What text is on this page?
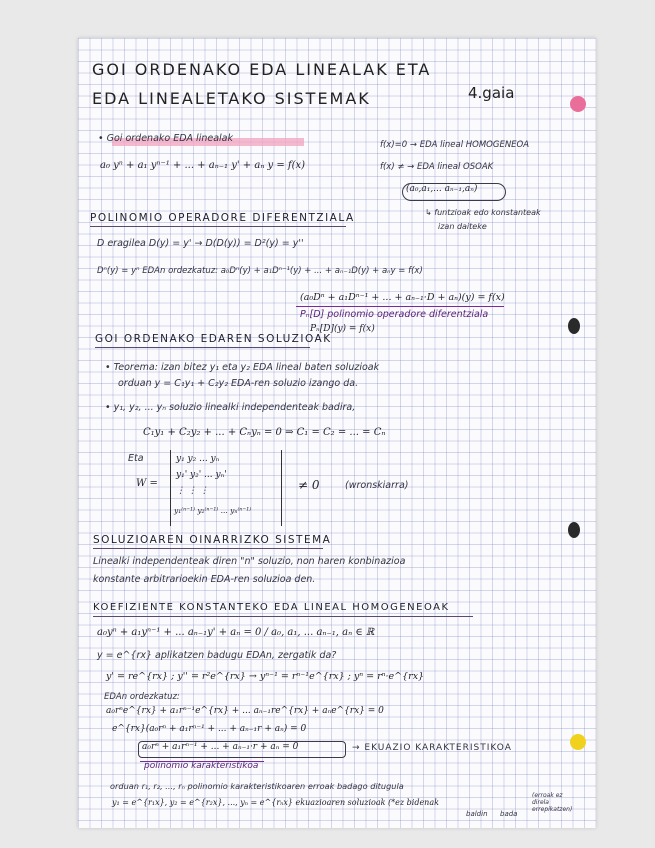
GOI ORDENAKO EDA LINEALAK ETA
EDA LINEALETAKO SISTEMAK	4.gaia
• Goi ordenako EDA linealak
a₀ yⁿ + a₁ yⁿ⁻¹ + ... + aₙ₋₁ y' + aₙ y = f(x)
f(x)=0 → EDA lineal HOMOGENEOA
f(x) ≠ → EDA lineal OSOAK
(a₀,a₁,... aₙ₋₁,aₙ)
↳ funtzioak edo konstanteak
izan daiteke
POLINOMIO OPERADORE DIFERENTZIALA
D eragilea D(y) = y' → D(D(y)) = D²(y) = y''
Dⁿ(y) = yⁿ EDAn ordezkatuz: a₀Dⁿ(y) + a₁Dⁿ⁻¹(y) + ... + aₙ₋₁D(y) + aₙy = f(x)
(a₀Dⁿ + a₁Dⁿ⁻¹ + ... + aₙ₋₁·D + aₙ)(y) = f(x)
Pₙ[D] polinomio operadore diferentziala
Pₙ[D](y) = f(x)
GOI ORDENAKO EDAREN SOLUZIOAK
• Teorema: izan bitez y₁ eta y₂ EDA lineal baten soluzioak
orduan y = C₁y₁ + C₂y₂ EDA-ren soluzio izango da.
• y₁, y₂, ... yₙ soluzio linealki independenteak badira,
C₁y₁ + C₂y₂ + ... + Cₙyₙ = 0 ⇒ C₁ = C₂ = ... = Cₙ
Eta
W =
y₁ y₂ ... yₙ
y₁' y₂' ... yₙ'
⋮ ⋮ ⋮
y₁⁽ⁿ⁻¹⁾ y₂⁽ⁿ⁻¹⁾ ... yₙ⁽ⁿ⁻¹⁾
≠ 0	(wronskiarra)
SOLUZIOAREN OINARRIZKO SISTEMA
Linealki independenteak diren "n" soluzio, non haren konbinazioa
konstante arbitrarioekin EDA-ren soluzioa den.
KOEFIZIENTE KONSTANTEKO EDA LINEAL HOMOGENEOAK
a₀yⁿ + a₁yⁿ⁻¹ + ... aₙ₋₁y' + aₙ = 0 / a₀, a₁, ... aₙ₋₁, aₙ ∈ ℝ
y = e^{rx} aplikatzen badugu EDAn, zergatik da?
y' = re^{rx} ; y'' = r²e^{rx} → yⁿ⁻¹ = rⁿ⁻¹e^{rx} ; yⁿ = rⁿ·e^{rx}
EDAn ordezkatuz:
a₀rⁿe^{rx} + a₁rⁿ⁻¹e^{rx} + ... aₙ₋₁re^{rx} + aₙe^{rx} = 0
e^{rx}(a₀rⁿ + a₁rⁿ⁻¹ + ... + aₙ₋₁r + aₙ) = 0
a₀rⁿ + a₁rⁿ⁻¹ + ... + aₙ₋₁·r + aₙ = 0	→ EKUAZIO KARAKTERISTIKOA
polinomio karakteristikoa
orduan r₁, r₂, ..., rₙ polinomio karakteristikoaren erroak badago ditugula
y₁ = e^{r₁x}, y₂ = e^{r₂x}, ..., yₙ = e^{rₙx} ekuazioaren soluzioak (*ez bidenak
baldin
(erroak ez direla errepikatzen)
bada
